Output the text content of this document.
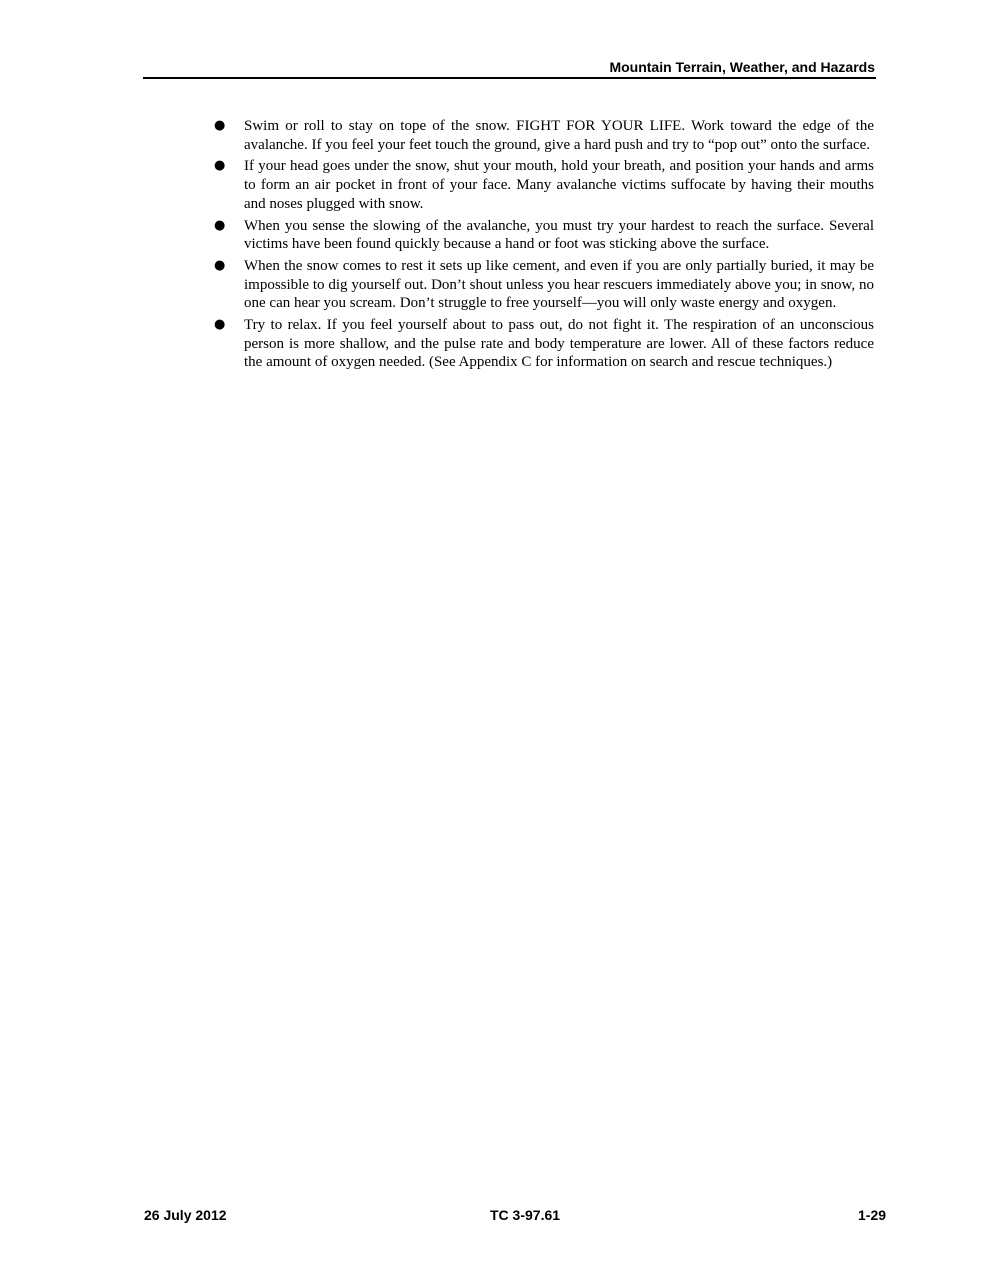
Mountain Terrain, Weather, and Hazards
●	Swim or roll to stay on tope of the snow. FIGHT FOR YOUR LIFE. Work toward the edge of the avalanche. If you feel your feet touch the ground, give a hard push and try to “pop out” onto the surface.
●	If your head goes under the snow, shut your mouth, hold your breath, and position your hands and arms to form an air pocket in front of your face. Many avalanche victims suffocate by having their mouths and noses plugged with snow.
●	When you sense the slowing of the avalanche, you must try your hardest to reach the surface. Several victims have been found quickly because a hand or foot was sticking above the surface.
●	When the snow comes to rest it sets up like cement, and even if you are only partially buried, it may be impossible to dig yourself out. Don’t shout unless you hear rescuers immediately above you; in snow, no one can hear you scream. Don’t struggle to free yourself—you will only waste energy and oxygen.
●	Try to relax. If you feel yourself about to pass out, do not fight it. The respiration of an unconscious person is more shallow, and the pulse rate and body temperature are lower. All of these factors reduce the amount of oxygen needed. (See Appendix C for information on search and rescue techniques.)
26 July 2012	TC 3-97.61	1-29
